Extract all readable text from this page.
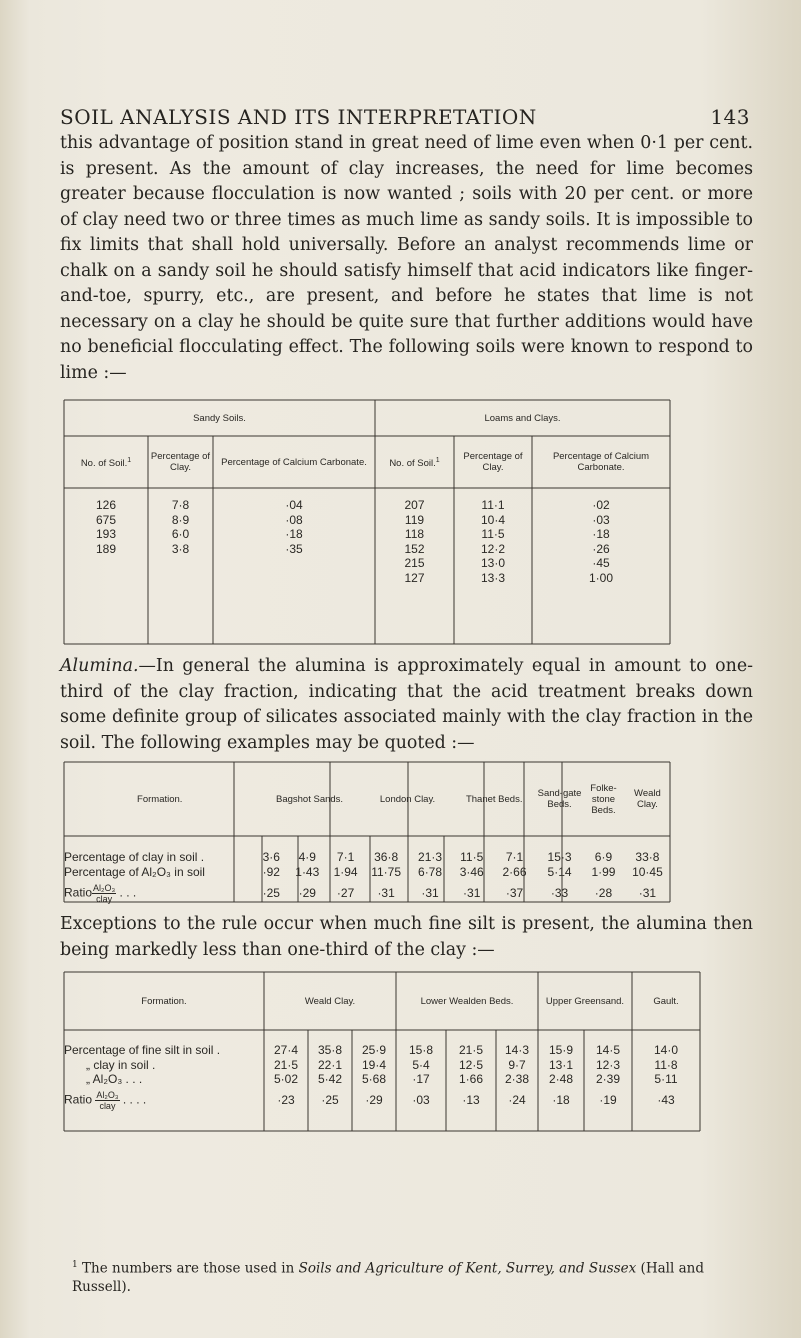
SOIL ANALYSIS AND ITS INTERPRETATION	143

this advantage of position stand in great need of lime even when 0·1 per cent. is present. As the amount of clay increases, the need for lime becomes greater because flocculation is now wanted ; soils with 20 per cent. or more of clay need two or three times as much lime as sandy soils. It is impossible to fix limits that shall hold universally. Before an analyst recommends lime or chalk on a sandy soil he should satisfy himself that acid indicators like finger-and-toe, spurry, etc., are present, and before he states that lime is not necessary on a clay he should be quite sure that further additions would have no beneficial flocculating effect. The following soils were known to respond to lime :—

Sandy Soils.			Loams and Clays.		
No. of Soil.$^1$	Percentage of Clay.	Percentage of Calcium Carbonate.	No. of Soil.$^1$	Percentage of Clay.	Percentage of Calcium Carbonate.

126	7·8	·04	207	11·1	·02
675	8·9	·08	119	10·4	·03
193	6·0	·18	118	11·5	·18
189	3·8	·35	152	12·2	·26
			215	13·0	·45
			127	13·3	1·00

Alumina.—In general the alumina is approximately equal in amount to one-third of the clay fraction, indicating that the acid treatment breaks down some definite group of silicates associated mainly with the clay fraction in the soil. The following examples may be quoted :—

Formation.	Bagshot Sands.			London Clay.		Thanet Beds.		Sand-gate Beds.	Folke-stone Beds.	Weald Clay.

Percentage of clay in soil .	3·6	4·9	7·1	36·8	21·3	11·5	7·1	15·3	6·9	33·8
Percentage of Al₂O₃ in soil	·92	1·43	1·94	11·75	6·78	3·46	2·66	5·14	1·99	10·45
Ratio $\frac{\text{Al₂O₃}}{\text{clay}}$ . . .	·25	·29	·27	·31	·31	·31	·37	·33	·28	·31

Exceptions to the rule occur when much fine silt is present, the alumina then being markedly less than one-third of the clay :—

Formation.	Weald Clay.			Lower Wealden Beds.			Upper Greensand.		Gault.

Percentage of fine silt in soil .	27·4	35·8	25·9	15·8	21·5	14·3	15·9	14·5	14·0
„ clay in soil .	21·5	22·1	19·4	5·4	12·5	9·7	13·1	12·3	11·8
„ Al₂O₃ . . .	5·02	5·42	5·68	·17	1·66	2·38	2·48	2·39	5·11
Ratio $\frac{\text{Al₂O₃}}{\text{clay}}$ . . . .	·23	·25	·29	·03	·13	·24	·18	·19	·43
$^1$ The numbers are those used in Soils and Agriculture of Kent, Surrey, and Sussex (Hall and Russell).
